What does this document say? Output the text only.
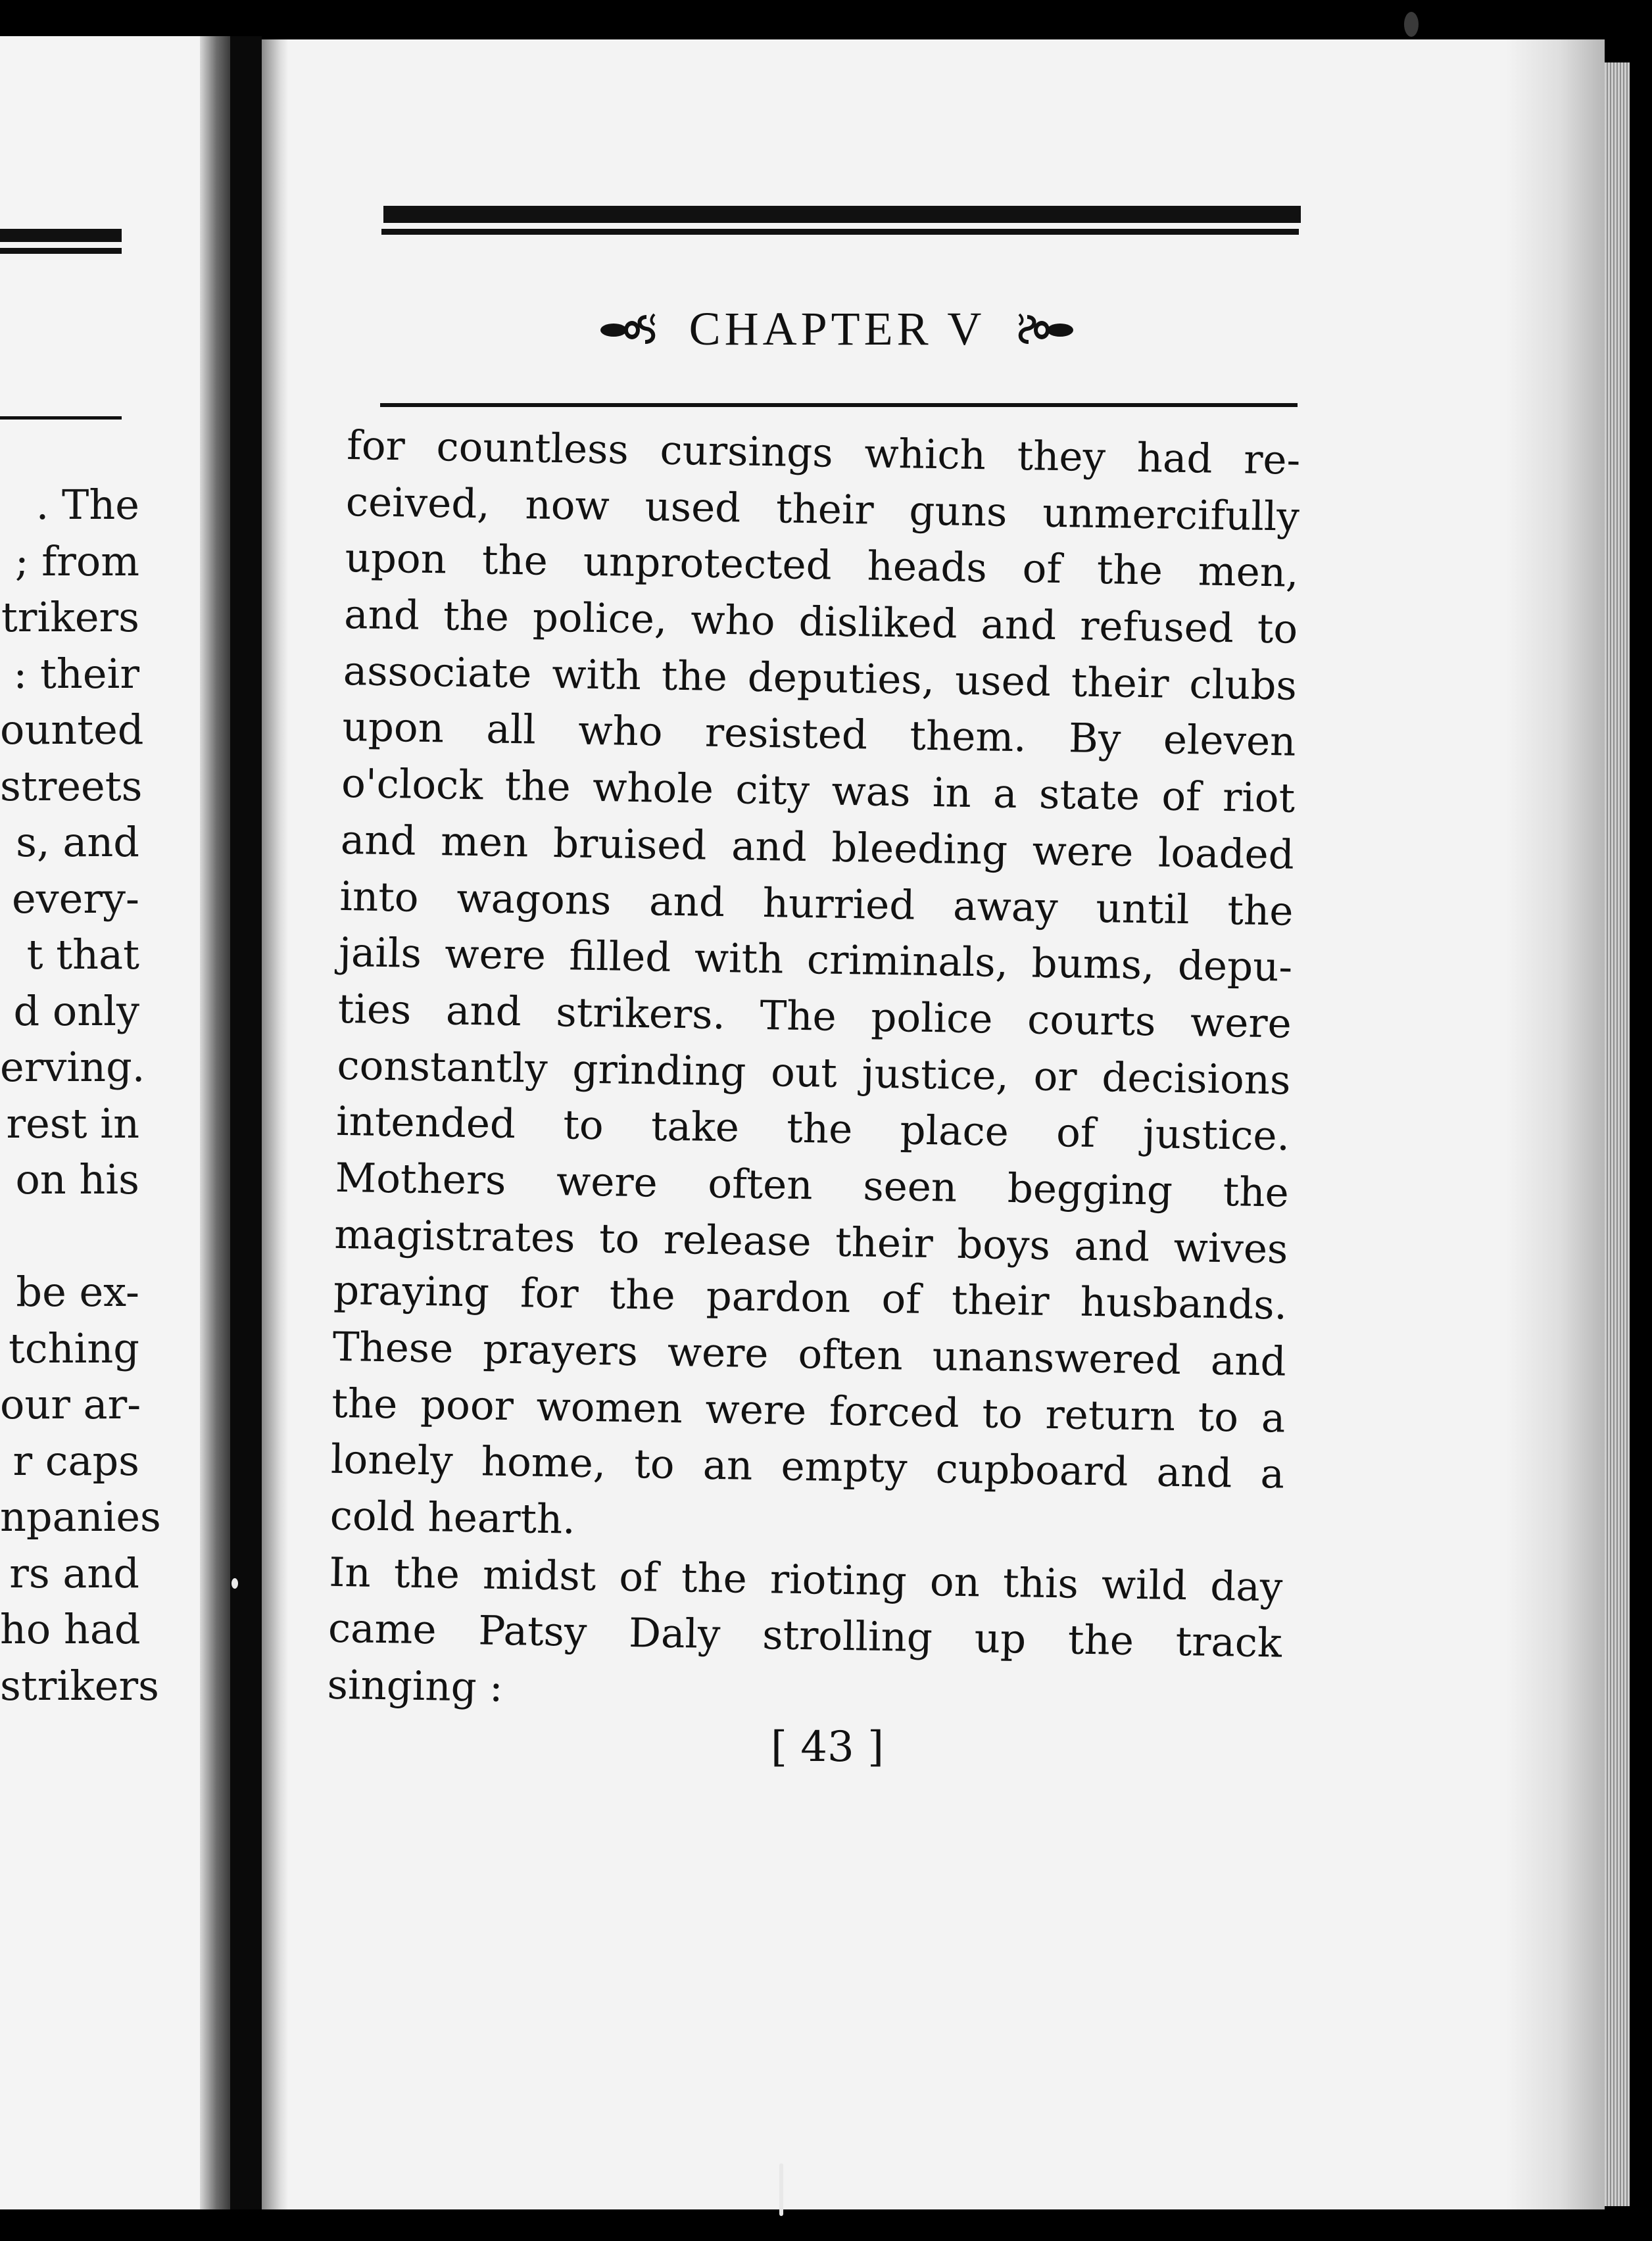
. The
; from
trikers
: their
ounted
streets
s, and
every-
t that
d only
erving.
rest in
on his
be ex-
tching
our ar-
r caps
npanies
rs and
ho had
strikers
CHAPTER V
for countless cursings which they had re-
ceived, now used their guns unmercifully
upon the unprotected heads of the men,
and the police, who disliked and refused to
associate with the deputies, used their clubs
upon all who resisted them. By eleven
o'clock the whole city was in a state of riot
and men bruised and bleeding were loaded
into wagons and hurried away until the
jails were filled with criminals, bums, depu-
ties and strikers. The police courts were
constantly grinding out justice, or decisions
intended to take the place of justice.
Mothers were often seen begging the
magistrates to release their boys and wives
praying for the pardon of their husbands.
These prayers were often unanswered and
the poor women were forced to return to a
lonely home, to an empty cupboard and a
cold hearth.
In the midst of the rioting on this wild day
came Patsy Daly strolling up the track
singing :
[ 43 ]
